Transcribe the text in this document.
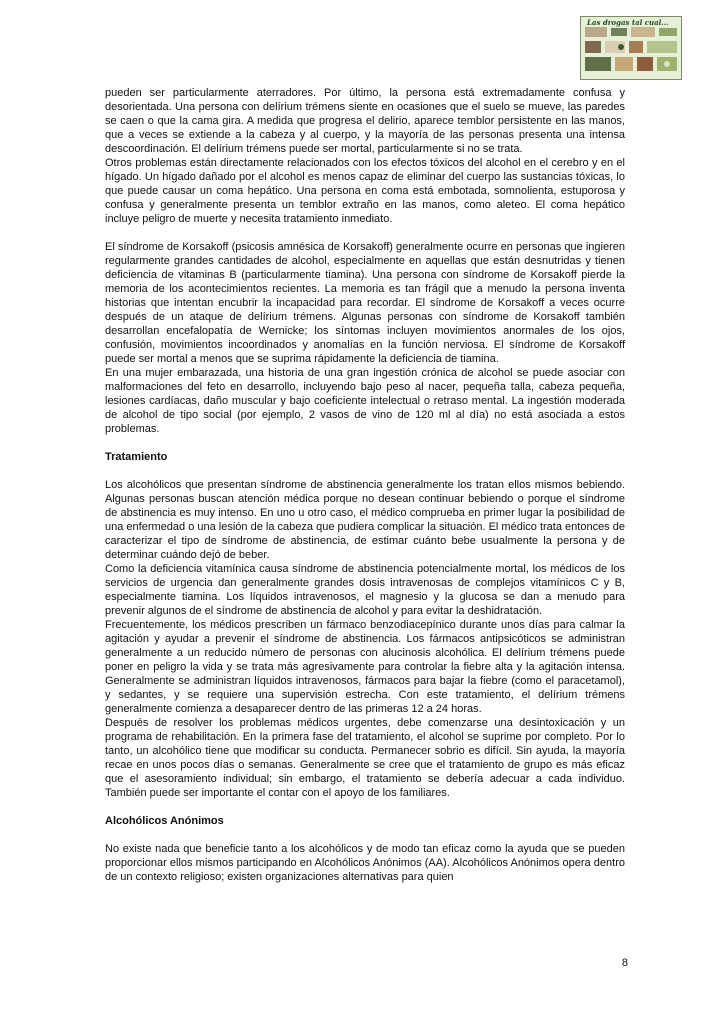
Las drogas tal cual...

pueden ser particularmente aterradores. Por último, la persona está extremadamente confusa y desorientada. Una persona con delírium trémens siente en ocasiones que el suelo se mueve, las paredes se caen o que la cama gira. A medida que progresa el delirio, aparece temblor persistente en las manos, que a veces se extiende a la cabeza y al cuerpo, y la mayoría de las personas presenta una intensa descoordinación. El delírium trémens puede ser mortal, particularmente si no se trata.

Otros problemas están directamente relacionados con los efectos tóxicos del alcohol en el cerebro y en el hígado. Un hígado dañado por el alcohol es menos capaz de eliminar del cuerpo las sustancias tóxicas, lo que puede causar un coma hepático. Una persona en coma está embotada, somnolienta, estuporosa y confusa y generalmente presenta un temblor extraño en las manos, como aleteo. El coma hepático incluye peligro de muerte y necesita tratamiento inmediato.

El síndrome de Korsakoff (psicosis amnésica de Korsakoff) generalmente ocurre en personas que ingieren regularmente grandes cantidades de alcohol, especialmente en aquellas que están desnutridas y tienen deficiencia de vitaminas B (particularmente tiamina). Una persona con síndrome de Korsakoff pierde la memoria de los acontecimientos recientes. La memoria es tan frágil que a menudo la persona inventa historias que intentan encubrir la incapacidad para recordar. El síndrome de Korsakoff a veces ocurre después de un ataque de delírium trémens. Algunas personas con síndrome de Korsakoff también desarrollan encefalopatía de Wernicke; los síntomas incluyen movimientos anormales de los ojos, confusión, movimientos incoordinados y anomalías en la función nerviosa. El síndrome de Korsakoff puede ser mortal a menos que se suprima rápidamente la deficiencia de tiamina.

En una mujer embarazada, una historia de una gran ingestión crónica de alcohol se puede asociar con malformaciones del feto en desarrollo, incluyendo bajo peso al nacer, pequeña talla, cabeza pequeña, lesiones cardíacas, daño muscular y bajo coeficiente intelectual o retraso mental. La ingestión moderada de alcohol de tipo social (por ejemplo, 2 vasos de vino de 120 ml al día) no está asociada a estos problemas.

Tratamiento

Los alcohólicos que presentan síndrome de abstinencia generalmente los tratan ellos mismos bebiendo. Algunas personas buscan atención médica porque no desean continuar bebiendo o porque el síndrome de abstinencia es muy intenso. En uno u otro caso, el médico comprueba en primer lugar la posibilidad de una enfermedad o una lesión de la cabeza que pudiera complicar la situación. El médico trata entonces de caracterizar el tipo de síndrome de abstinencia, de estimar cuánto bebe usualmente la persona y de determinar cuándo dejó de beber.

Como la deficiencia vitamínica causa síndrome de abstinencia potencialmente mortal, los médicos de los servicios de urgencia dan generalmente grandes dosis intravenosas de complejos vitamínicos C y B, especialmente tiamina. Los líquidos intravenosos, el magnesio y la glucosa se dan a menudo para prevenir algunos de el síndrome de abstinencia de alcohol y para evitar la deshidratación.

Frecuentemente, los médicos prescriben un fármaco benzodiacepínico durante unos días para calmar la agitación y ayudar a prevenir el síndrome de abstinencia. Los fármacos antipsicóticos se administran generalmente a un reducido número de personas con alucinosis alcohólica. El delírium trémens puede poner en peligro la vida y se trata más agresivamente para controlar la fiebre alta y la agitación intensa. Generalmente se administran líquidos intravenosos, fármacos para bajar la fiebre (como el paracetamol), y sedantes, y se requiere una supervisión estrecha. Con este tratamiento, el delírium trémens generalmente comienza a desaparecer dentro de las primeras 12 a 24 horas.

Después de resolver los problemas médicos urgentes, debe comenzarse una desintoxicación y un programa de rehabilitación. En la primera fase del tratamiento, el alcohol se suprime por completo. Por lo tanto, un alcohólico tiene que modificar su conducta. Permanecer sobrio es difícil. Sin ayuda, la mayoría recae en unos pocos días o semanas. Generalmente se cree que el tratamiento de grupo es más eficaz que el asesoramiento individual; sin embargo, el tratamiento se debería adecuar a cada individuo. También puede ser importante el contar con el apoyo de los familiares.

Alcohólicos Anónimos

No existe nada que beneficie tanto a los alcohólicos y de modo tan eficaz como la ayuda que se pueden proporcionar ellos mismos participando en Alcohólicos Anónimos (AA). Alcohólicos Anónimos opera dentro de un contexto religioso; existen organizaciones alternativas para quien

8
